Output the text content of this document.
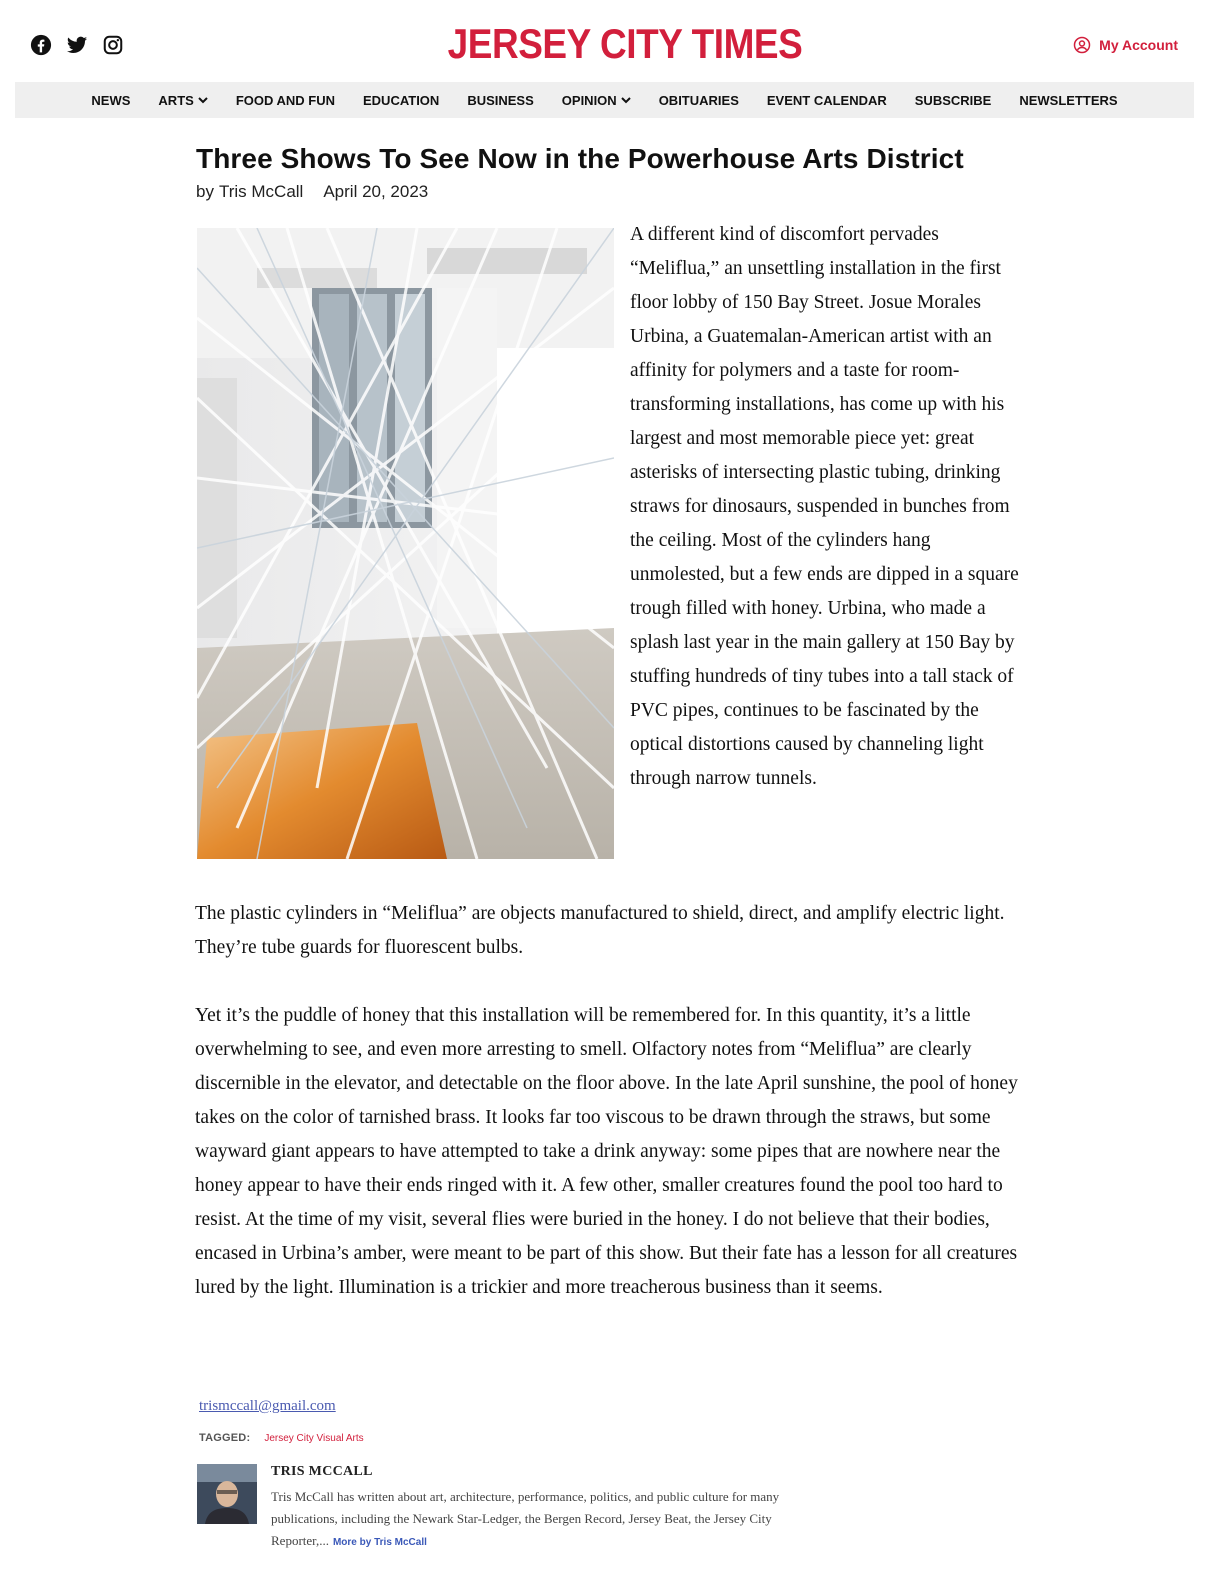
JERSEY CITY TIMES	My Account
NEWS ARTS	FOOD AND FUN EDUCATION BUSINESS OPINION	OBITUARIES EVENT CALENDAR SUBSCRIBE NEWSLETTERS
Three Shows To See Now in the Powerhouse Arts District
by Tris McCall April 20, 2023

A different kind of discomfort pervades “Meliflua,” an unsettling installation in the first floor lobby of 150 Bay Street. Josue Morales Urbina, a Guatemalan-American artist with an affinity for polymers and a taste for room-transforming installations, has come up with his largest and most memorable piece yet: great asterisks of intersecting plastic tubing, drinking straws for dinosaurs, suspended in bunches from the ceiling. Most of the cylinders hang unmolested, but a few ends are dipped in a square trough filled with honey. Urbina, who made a splash last year in the main gallery at 150 Bay by stuffing hundreds of tiny tubes into a tall stack of PVC pipes, continues to be fascinated by the optical distortions caused by channeling light through narrow tunnels.

The plastic cylinders in “Meliflua” are objects manufactured to shield, direct, and amplify electric light. They’re tube guards for fluorescent bulbs.

Yet it’s the puddle of honey that this installation will be remembered for. In this quantity, it’s a little overwhelming to see, and even more arresting to smell. Olfactory notes from “Meliflua” are clearly discernible in the elevator, and detectable on the floor above. In the late April sunshine, the pool of honey takes on the color of tarnished brass. It looks far too viscous to be drawn through the straws, but some wayward giant appears to have attempted to take a drink anyway: some pipes that are nowhere near the honey appear to have their ends ringed with it. A few other, smaller creatures found the pool too hard to resist. At the time of my visit, several flies were buried in the honey. I do not believe that their bodies, encased in Urbina’s amber, were meant to be part of this show. But their fate has a lesson for all creatures lured by the light. Illumination is a trickier and more treacherous business than it seems.

trismccall@gmail.com
TAGGED: Jersey City Visual Arts
TRIS MCCALL
Tris McCall has written about art, architecture, performance, politics, and public culture for many publications, including the Newark Star-Ledger, the Bergen Record, Jersey Beat, the Jersey City Reporter,... More by Tris McCall
